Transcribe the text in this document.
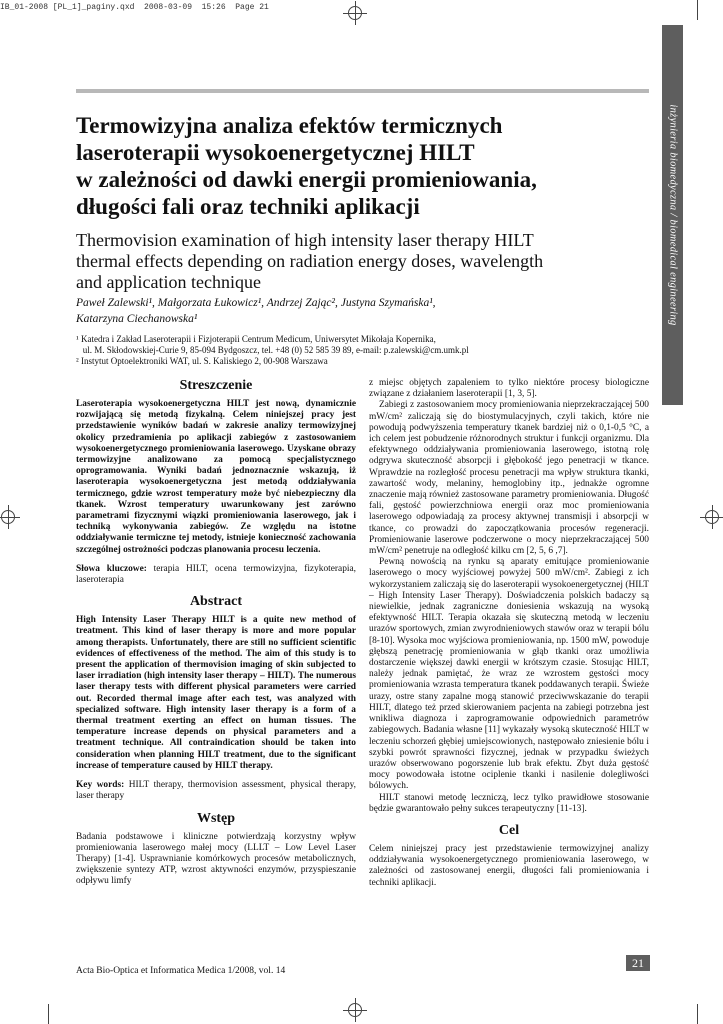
IB_01-2008 [PL_1]_paginy.qxd  2008-03-09  15:26  Page 21
inżynieria biomedyczna / biomedical engineering
Termowizyjna analiza efektów termicznych
laseroterapii wysokoenergetycznej HILT
w zależności od dawki energii promieniowania,
długości fali oraz techniki aplikacji
Thermovision examination of high intensity laser therapy HILT
thermal effects depending on radiation energy doses, wavelength
and application technique
Paweł Zalewski¹, Małgorzata Łukowicz¹, Andrzej Zając², Justyna Szymańska¹,
Katarzyna Ciechanowska¹
¹ Katedra i Zakład Laseroterapii i Fizjoterapii Centrum Medicum, Uniwersytet Mikołaja Kopernika,
ul. M. Skłodowskiej-Curie 9, 85-094 Bydgoszcz, tel. +48 (0) 52 585 39 89, e-mail: p.zalewski@cm.umk.pl
² Instytut Optoelektroniki WAT, ul. S. Kaliskiego 2, 00-908 Warszawa
Streszczenie

Laseroterapia wysokoenergetyczna HILT jest nową, dynamicznie rozwijającą się metodą fizykalną. Celem niniejszej pracy jest przedstawienie wyników badań w zakresie analizy termowizyjnej okolicy przedramienia po aplikacji zabiegów z zastosowaniem wysokoenergetycznego promieniowania laserowego. Uzyskane obrazy termowizyjne analizowano za pomocą specjalistycznego oprogramowania. Wyniki badań jednoznacznie wskazują, iż laseroterapia wysokoenergetyczna jest metodą oddziaływania termicznego, gdzie wzrost temperatury może być niebezpieczny dla tkanek. Wzrost temperatury uwarunkowany jest zarówno parametrami fizycznymi wiązki promieniowania laserowego, jak i techniką wykonywania zabiegów. Ze względu na istotne oddziaływanie termiczne tej metody, istnieje konieczność zachowania szczególnej ostrożności podczas planowania procesu leczenia.

Słowa kluczowe: terapia HILT, ocena termowizyjna, fizykoterapia, laseroterapia

Abstract

High Intensity Laser Therapy HILT is a quite new method of treatment. This kind of laser therapy is more and more popular among therapists. Unfortunately, there are still no sufficient scientific evidences of effectiveness of the method. The aim of this study is to present the application of thermovision imaging of skin subjected to laser irradiation (high intensity laser therapy – HILT). The numerous laser therapy tests with different physical parameters were carried out. Recorded thermal image after each test, was analyzed with specialized software. High intensity laser therapy is a form of a thermal treatment exerting an effect on human tissues. The temperature increase depends on physical parameters and a treatment technique. All contraindication should be taken into consideration when planning HILT treatment, due to the significant increase of temperature caused by HILT therapy.

Key words: HILT therapy, thermovision assessment, physical therapy, laser therapy

Wstęp

Badania podstawowe i kliniczne potwierdzają korzystny wpływ promieniowania laserowego małej mocy (LLLT – Low Level Laser Therapy) [1-4]. Usprawnianie komórkowych procesów metabolicznych, zwiększenie syntezy ATP, wzrost aktywności enzymów, przyspieszanie odpływu limfy

z miejsc objętych zapaleniem to tylko niektóre procesy biologiczne związane z działaniem laseroterapii [1, 3, 5].

Zabiegi z zastosowaniem mocy promieniowania nieprzekraczającej 500 mW/cm² zaliczają się do biostymulacyjnych, czyli takich, które nie powodują podwyższenia temperatury tkanek bardziej niż o 0,1-0,5 °C, a ich celem jest pobudzenie różnorodnych struktur i funkcji organizmu. Dla efektywnego oddziaływania promieniowania laserowego, istotną rolę odgrywa skuteczność absorpcji i głębokość jego penetracji w tkance. Wprawdzie na rozległość procesu penetracji ma wpływ struktura tkanki, zawartość wody, melaniny, hemoglobiny itp., jednakże ogromne znaczenie mają również zastosowane parametry promieniowania. Długość fali, gęstość powierzchniowa energii oraz moc promieniowania laserowego odpowiadają za procesy aktywnej transmisji i absorpcji w tkance, co prowadzi do zapoczątkowania procesów regeneracji. Promieniowanie laserowe podczerwone o mocy nieprzekraczającej 500 mW/cm² penetruje na odległość kilku cm [2, 5, 6 ,7].

Pewną nowością na rynku są aparaty emitujące promieniowanie laserowego o mocy wyjściowej powyżej 500 mW/cm². Zabiegi z ich wykorzystaniem zaliczają się do laseroterapii wysokoenergetycznej (HILT – High Intensity Laser Therapy). Doświadczenia polskich badaczy są niewielkie, jednak zagraniczne doniesienia wskazują na wysoką efektywność HILT. Terapia okazała się skuteczną metodą w leczeniu urazów sportowych, zmian zwyrodnieniowych stawów oraz w terapii bólu [8-10]. Wysoka moc wyjściowa promieniowania, np. 1500 mW, powoduje głębszą penetrację promieniowania w głąb tkanki oraz umożliwia dostarczenie większej dawki energii w krótszym czasie. Stosując HILT, należy jednak pamiętać, że wraz ze wzrostem gęstości mocy promieniowania wzrasta temperatura tkanek poddawanych terapii. Świeże urazy, ostre stany zapalne mogą stanowić przeciwwskazanie do terapii HILT, dlatego też przed skierowaniem pacjenta na zabiegi potrzebna jest wnikliwa diagnoza i zaprogramowanie odpowiednich parametrów zabiegowych. Badania własne [11] wykazały wysoką skuteczność HILT w leczeniu schorzeń głębiej umiejscowionych, następowało zniesienie bólu i szybki powrót sprawności fizycznej, jednak w przypadku świeżych urazów obserwowano pogorszenie lub brak efektu. Zbyt duża gęstość mocy powodowała istotne ociplenie tkanki i nasilenie dolegliwości bólowych.

HILT stanowi metodę leczniczą, lecz tylko prawidłowe stosowanie będzie gwarantowało pełny sukces terapeutyczny [11-13].

Cel

Celem niniejszej pracy jest przedstawienie termowizyjnej analizy oddziaływania wysokoenergetycznego promieniowania laserowego, w zależności od zastosowanej energii, długości fali promieniowania i techniki aplikacji.

Acta Bio-Optica et Informatica Medica 1/2008, vol. 14
21
